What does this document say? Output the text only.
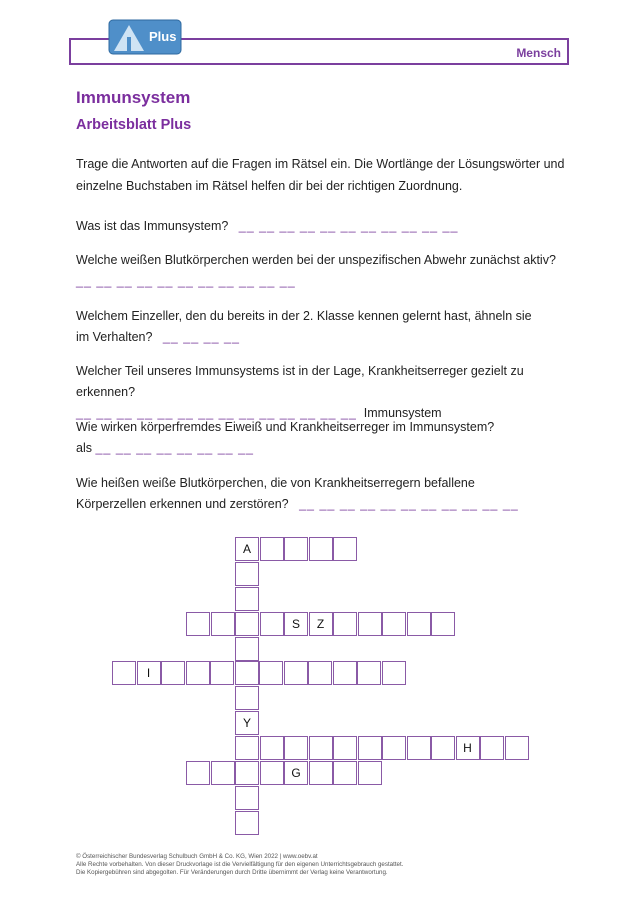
Mensch
Plus
Immunsystem
Arbeitsblatt Plus
Trage die Antworten auf die Fragen im Rätsel ein. Die Wortlänge der Lösungswörter und einzelne Buchstaben im Rätsel helfen dir bei der richtigen Zuordnung.
Was ist das Immunsystem? __ __ __ __ __ __ __ __ __ __ __
Welche weißen Blutkörperchen werden bei der unspezifischen Abwehr zunächst aktiv?
__ __ __ __ __ __ __ __ __ __ __
Welchem Einzeller, den du bereits in der 2. Klasse kennen gelernt hast, ähneln sie im Verhalten? __ __ __ __
Welcher Teil unseres Immunsystems ist in der Lage, Krankheitserreger gezielt zu erkennen?
__ __ __ __ __ __ __ __ __ __ __ __ __ __ Immunsystem
Wie wirken körperfremdes Eiweiß und Krankheitserreger im Immunsystem?
als __ __ __ __ __ __ __ __
Wie heißen weiße Blutkörperchen, die von Krankheitserregern befallene Körperzellen erkennen und zerstören? __ __ __ __ __ __ __ __ __ __ __
A
S	Z
I
Y
H
G
© Österreichischer Bundesverlag Schulbuch GmbH & Co. KG, Wien 2022 | www.oebv.at
Alle Rechte vorbehalten. Von dieser Druckvorlage ist die Vervielfältigung für den eigenen Unterrichtsgebrauch gestattet.
Die Kopiergebühren sind abgegolten. Für Veränderungen durch Dritte übernimmt der Verlag keine Verantwortung.
